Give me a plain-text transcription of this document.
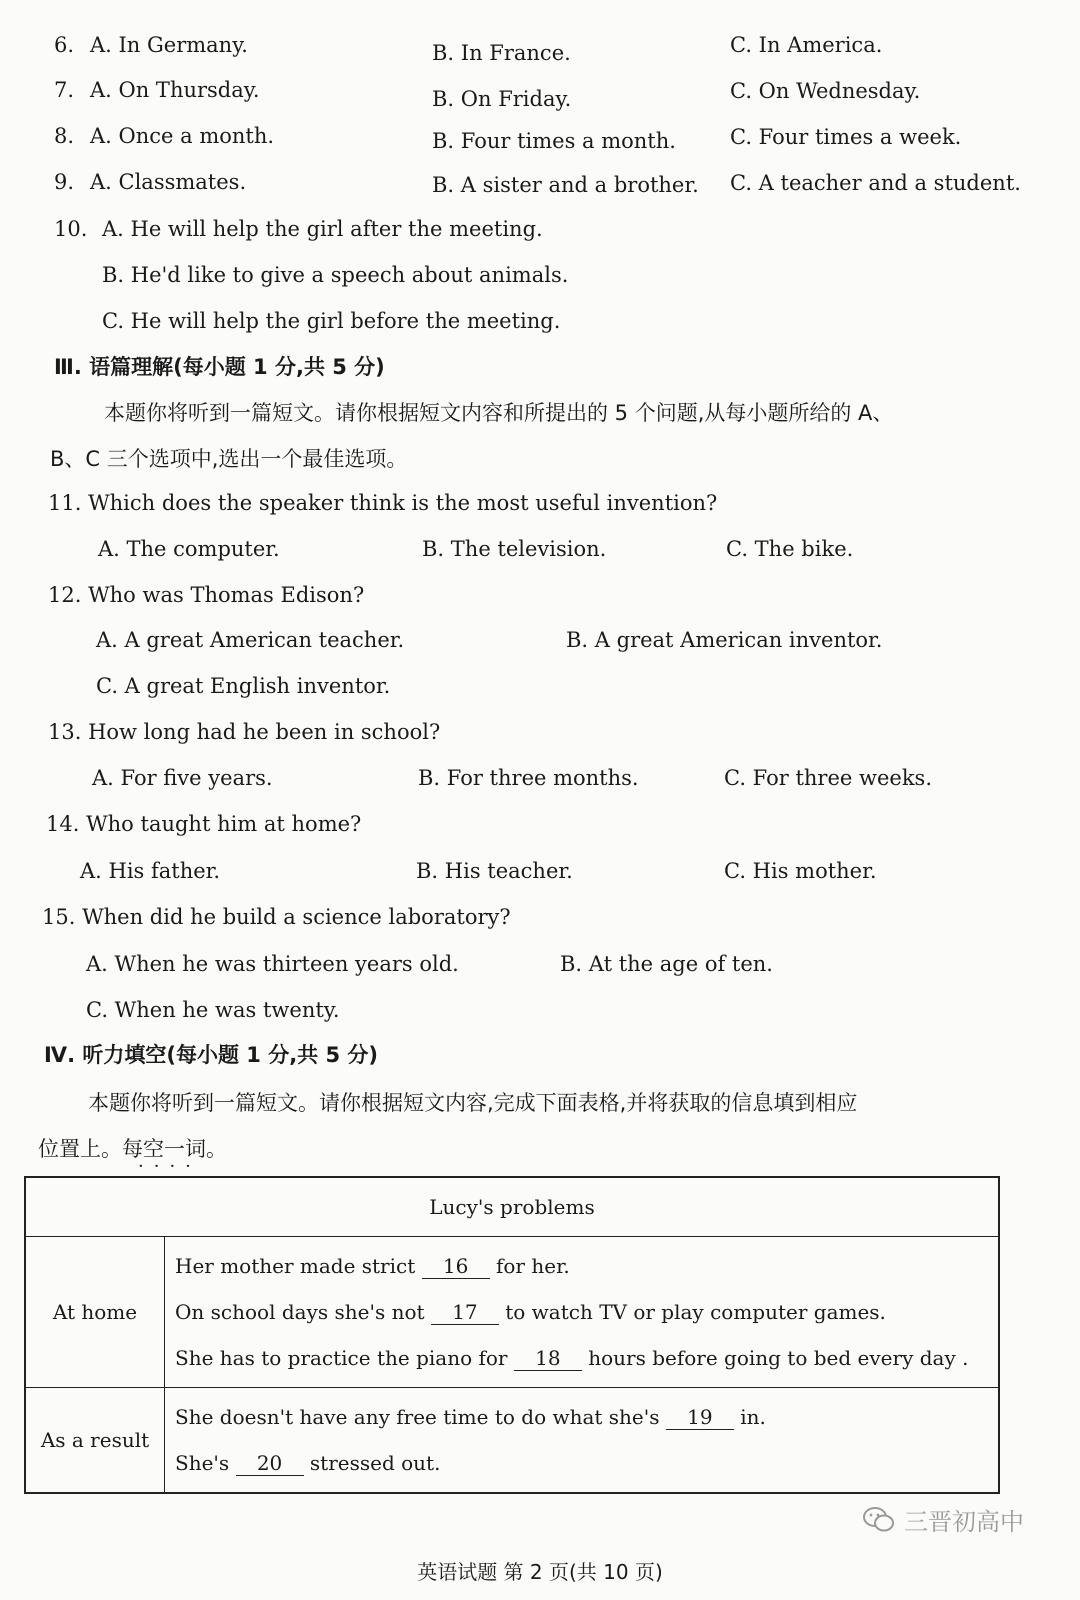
6. A. In Germany.	B. In France.	C. In America.
7. A. On Thursday.	B. On Friday.	C. On Wednesday.
8. A. Once a month.	B. Four times a month.	C. Four times a week.
9. A. Classmates.	B. A sister and a brother. C. A teacher and a student.
10. A. He will help the girl after the meeting.
B. He'd like to give a speech about animals.
C. He will help the girl before the meeting.
Ⅲ. 语篇理解(每小题 1 分,共 5 分)
本题你将听到一篇短文。请你根据短文内容和所提出的 5 个问题,从每小题所给的 A、
B、C 三个选项中,选出一个最佳选项。
11. Which does the speaker think is the most useful invention?
A. The computer.	B. The television.	C. The bike.
12. Who was Thomas Edison?
A. A great American teacher.	B. A great American inventor.
C. A great English inventor.
13. How long had he been in school?
A. For five years.	B. For three months.	C. For three weeks.
14. Who taught him at home?
A. His father.	B. His teacher.	C. His mother.
15. When did he build a science laboratory?
A. When he was thirteen years old.	B. At the age of ten.
C. When he was twenty.
Ⅳ. 听力填空(每小题 1 分,共 5 分)
本题你将听到一篇短文。请你根据短文内容,完成下面表格,并将获取的信息填到相应
位置上。每空一词。
····
Lucy's problems	
At home	Her mother made strict 16 for her.
On school days she's not 17 to watch TV or play computer games.
She has to practice the piano for 18 hours before going to bed every day .

As a result	She doesn't have any free time to do what she's 19 in.
She's 20 stressed out.
三晋初高中
英语试题 第 2 页(共 10 页)
